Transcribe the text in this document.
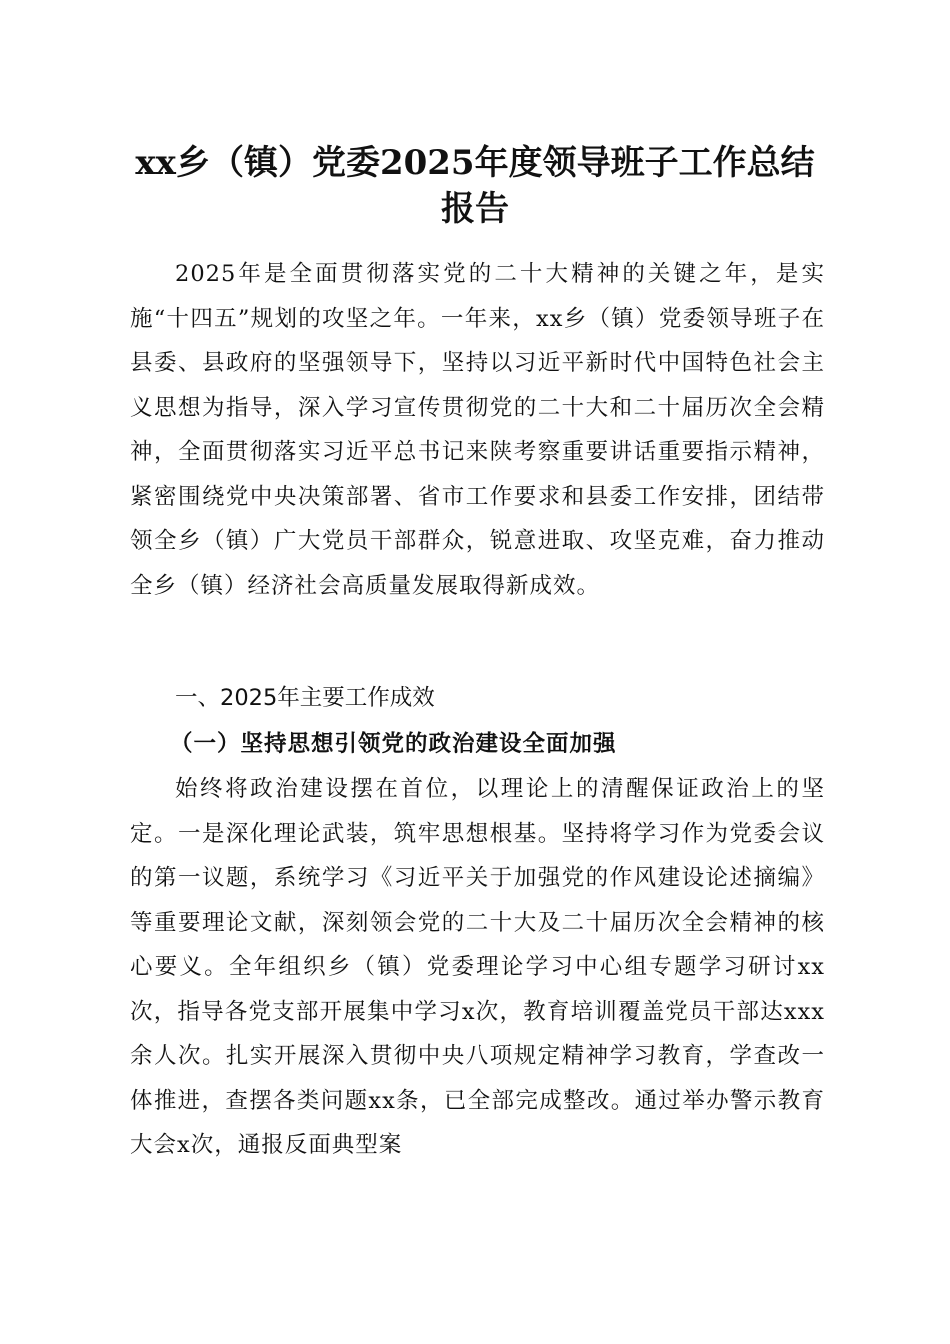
xx乡（镇）党委2025年度领导班子工作总结
报告

2025年是全面贯彻落实党的二十大精神的关键之年，是实施“十四五”规划的攻坚之年。一年来，xx乡（镇）党委领导班子在县委、县政府的坚强领导下，坚持以习近平新时代中国特色社会主义思想为指导，深入学习宣传贯彻党的二十大和二十届历次全会精神，全面贯彻落实习近平总书记来陕考察重要讲话重要指示精神，紧密围绕党中央决策部署、省市工作要求和县委工作安排，团结带领全乡（镇）广大党员干部群众，锐意进取、攻坚克难，奋力推动全乡（镇）经济社会高质量发展取得新成效。

一、2025年主要工作成效

（一）坚持思想引领党的政治建设全面加强

始终将政治建设摆在首位，以理论上的清醒保证政治上的坚定。一是深化理论武装，筑牢思想根基。坚持将学习作为党委会议的第一议题，系统学习《习近平关于加强党的作风建设论述摘编》等重要理论文献，深刻领会党的二十大及二十届历次全会精神的核心要义。全年组织乡（镇）党委理论学习中心组专题学习研讨xx次，指导各党支部开展集中学习x次，教育培训覆盖党员干部达xxx余人次。扎实开展深入贯彻中央八项规定精神学习教育，学查改一体推进，查摆各类问题xx条，已全部完成整改。通过举办警示教育大会x次，通报反面典型案
